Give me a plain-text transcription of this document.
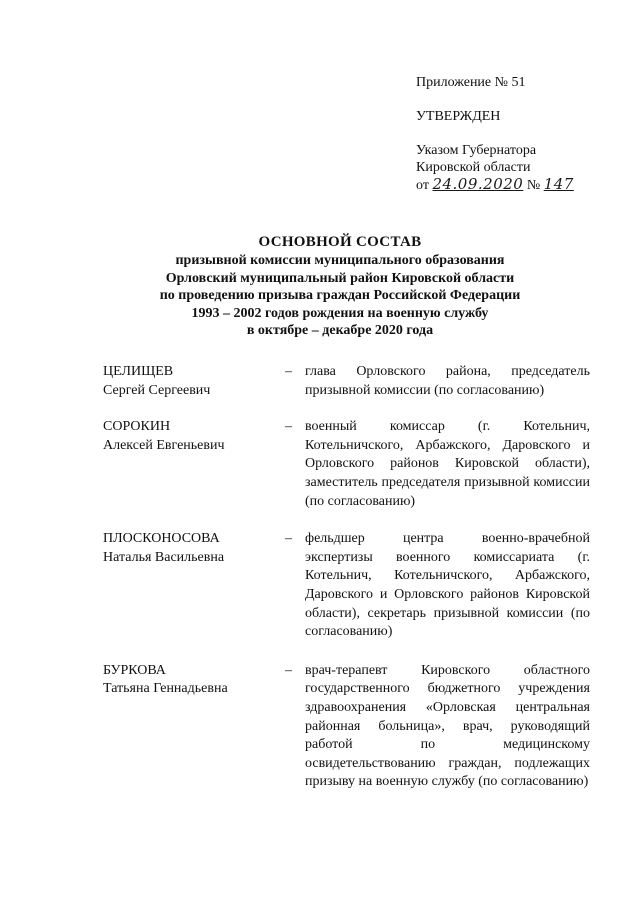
Приложение № 51
УТВЕРЖДЕН
Указом Губернатора
Кировской области
от 24.09.2020 № 147
ОСНОВНОЙ СОСТАВ
призывной комиссии муниципального образования
Орловский муниципальный район Кировской области
по проведению призыва граждан Российской Федерации
1993 – 2002 годов рождения на военную службу
в октябре – декабре 2020 года
ЦЕЛИЩЕВ
Сергей Сергеевич
– глава Орловского района, председатель призывной комиссии (по согласованию)
СОРОКИН
Алексей Евгеньевич
– военный комиссар (г. Котельнич, Котельничского, Арбажского, Даровского и Орловского районов Кировской области), заместитель председателя призывной комиссии (по согласованию)
ПЛОСКОНОСОВА
Наталья Васильевна
– фельдшер центра военно-врачебной экспертизы военного комиссариата (г. Котельнич, Котельничского, Арбажского, Даровского и Орловского районов Кировской области), секретарь призывной комиссии (по согласованию)
БУРКОВА
Татьяна Геннадьевна
– врач-терапевт Кировского областного государственного бюджетного учреждения здравоохранения «Орловская центральная районная больница», врач, руководящий работой по медицинскому освидетельствованию граждан, подлежащих призыву на военную службу (по согласованию)
